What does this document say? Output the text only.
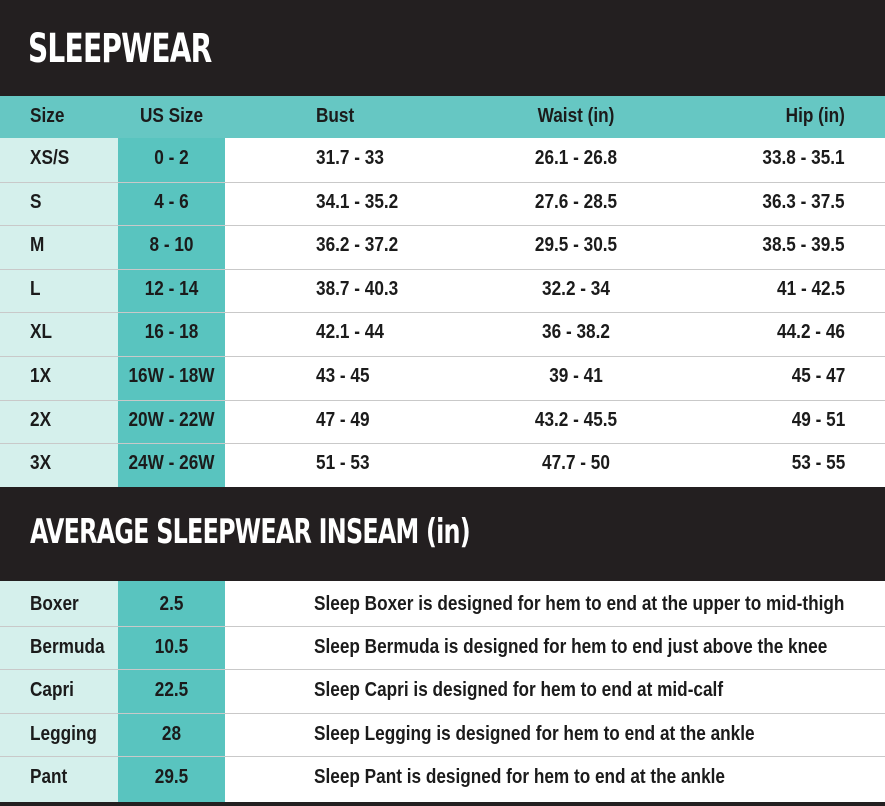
SLEEPWEAR
Size	US Size	Bust	Waist (in)	Hip (in)
XS/S	0 - 2	31.7 - 33	26.1 - 26.8	33.8 - 35.1
S	4 - 6	34.1 - 35.2	27.6 - 28.5	36.3 - 37.5
M	8 - 10	36.2 - 37.2	29.5 - 30.5	38.5 - 39.5
L	12 - 14	38.7 - 40.3	32.2 - 34	41 - 42.5
XL	16 - 18	42.1 - 44	36 - 38.2	44.2 - 46
1X	16W - 18W	43 - 45	39 - 41	45 - 47
2X	20W - 22W	47 - 49	43.2 - 45.5	49 - 51
3X	24W - 26W	51 - 53	47.7 - 50	53 - 55
AVERAGE SLEEPWEAR INSEAM (in)
Boxer	2.5	Sleep Boxer is designed for hem to end at the upper to mid-thigh
Bermuda	10.5	Sleep Bermuda is designed for hem to end just above the knee
Capri	22.5	Sleep Capri is designed for hem to end at mid-calf
Legging	28	Sleep Legging is designed for hem to end at the ankle
Pant	29.5	Sleep Pant is designed for hem to end at the ankle
